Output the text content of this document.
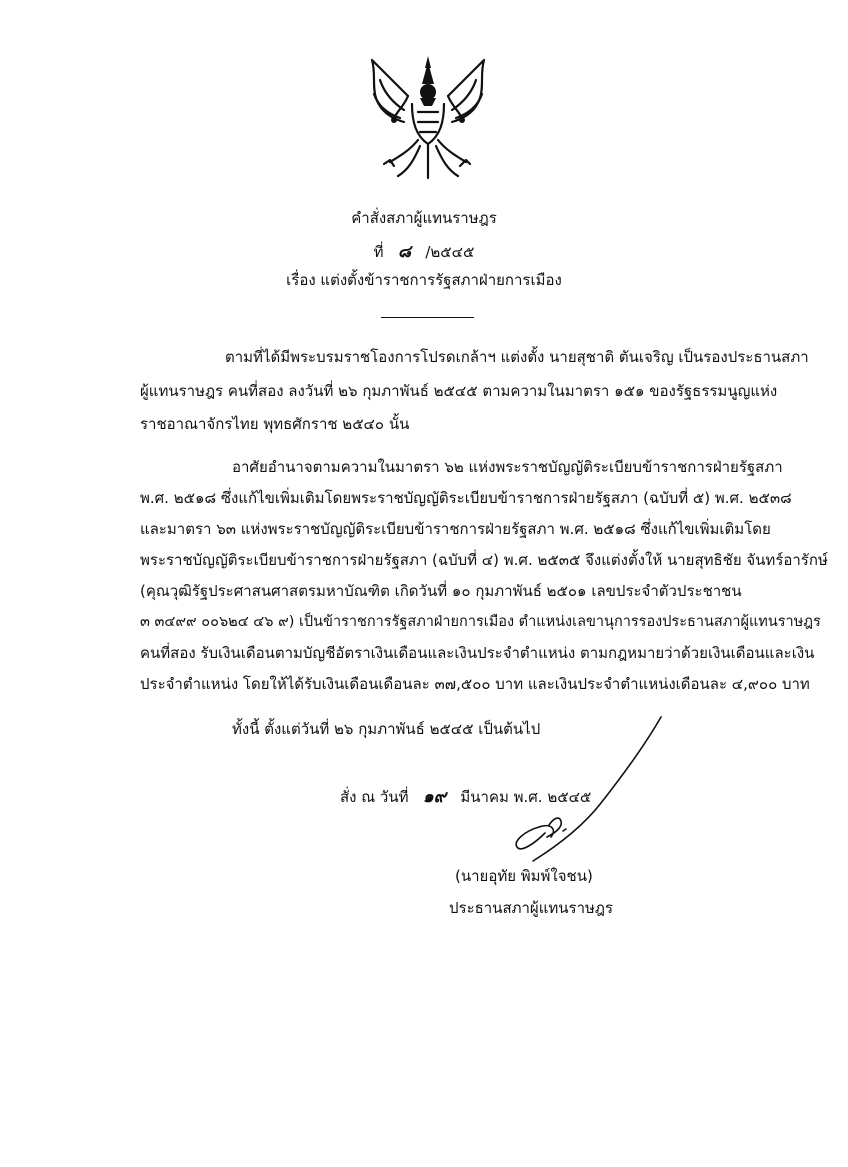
คำสั่งสภาผู้แทนราษฎร
ที่ ๘ /๒๕๔๕
เรื่อง แต่งตั้งข้าราชการรัฐสภาฝ่ายการเมือง
ตามที่ได้มีพระบรมราชโองการโปรดเกล้าฯ แต่งตั้ง นายสุชาติ ตันเจริญ เป็นรองประธานสภา
ผู้แทนราษฎร คนที่สอง ลงวันที่ ๒๖ กุมภาพันธ์ ๒๕๔๕ ตามความในมาตรา ๑๕๑ ของรัฐธรรมนูญแห่ง
ราชอาณาจักรไทย พุทธศักราช ๒๕๔๐ นั้น
อาศัยอำนาจตามความในมาตรา ๖๒ แห่งพระราชบัญญัติระเบียบข้าราชการฝ่ายรัฐสภา
พ.ศ. ๒๕๑๘ ซึ่งแก้ไขเพิ่มเติมโดยพระราชบัญญัติระเบียบข้าราชการฝ่ายรัฐสภา (ฉบับที่ ๕) พ.ศ. ๒๕๓๘
และมาตรา ๖๓ แห่งพระราชบัญญัติระเบียบข้าราชการฝ่ายรัฐสภา พ.ศ. ๒๕๑๘ ซึ่งแก้ไขเพิ่มเติมโดย
พระราชบัญญัติระเบียบข้าราชการฝ่ายรัฐสภา (ฉบับที่ ๔) พ.ศ. ๒๕๓๕ จึงแต่งตั้งให้ นายสุทธิชัย จันทร์อารักษ์
(คุณวุฒิรัฐประศาสนศาสตรมหาบัณฑิต เกิดวันที่ ๑๐ กุมภาพันธ์ ๒๕๐๑ เลขประจำตัวประชาชน
๓ ๓๔๙๙ ๐๐๖๒๔ ๔๖ ๙) เป็นข้าราชการรัฐสภาฝ่ายการเมือง ตำแหน่งเลขานุการรองประธานสภาผู้แทนราษฎร
คนที่สอง รับเงินเดือนตามบัญชีอัตราเงินเดือนและเงินประจำตำแหน่ง ตามกฎหมายว่าด้วยเงินเดือนและเงิน
ประจำตำแหน่ง โดยให้ได้รับเงินเดือนเดือนละ ๓๗,๕๐๐ บาท และเงินประจำตำแหน่งเดือนละ ๔,๙๐๐ บาท
ทั้งนี้ ตั้งแต่วันที่ ๒๖ กุมภาพันธ์ ๒๕๔๕ เป็นต้นไป
สั่ง ณ วันที่ ๑๙ มีนาคม พ.ศ. ๒๕๔๕
(นายอุทัย พิมพ์ใจชน)
ประธานสภาผู้แทนราษฎร
